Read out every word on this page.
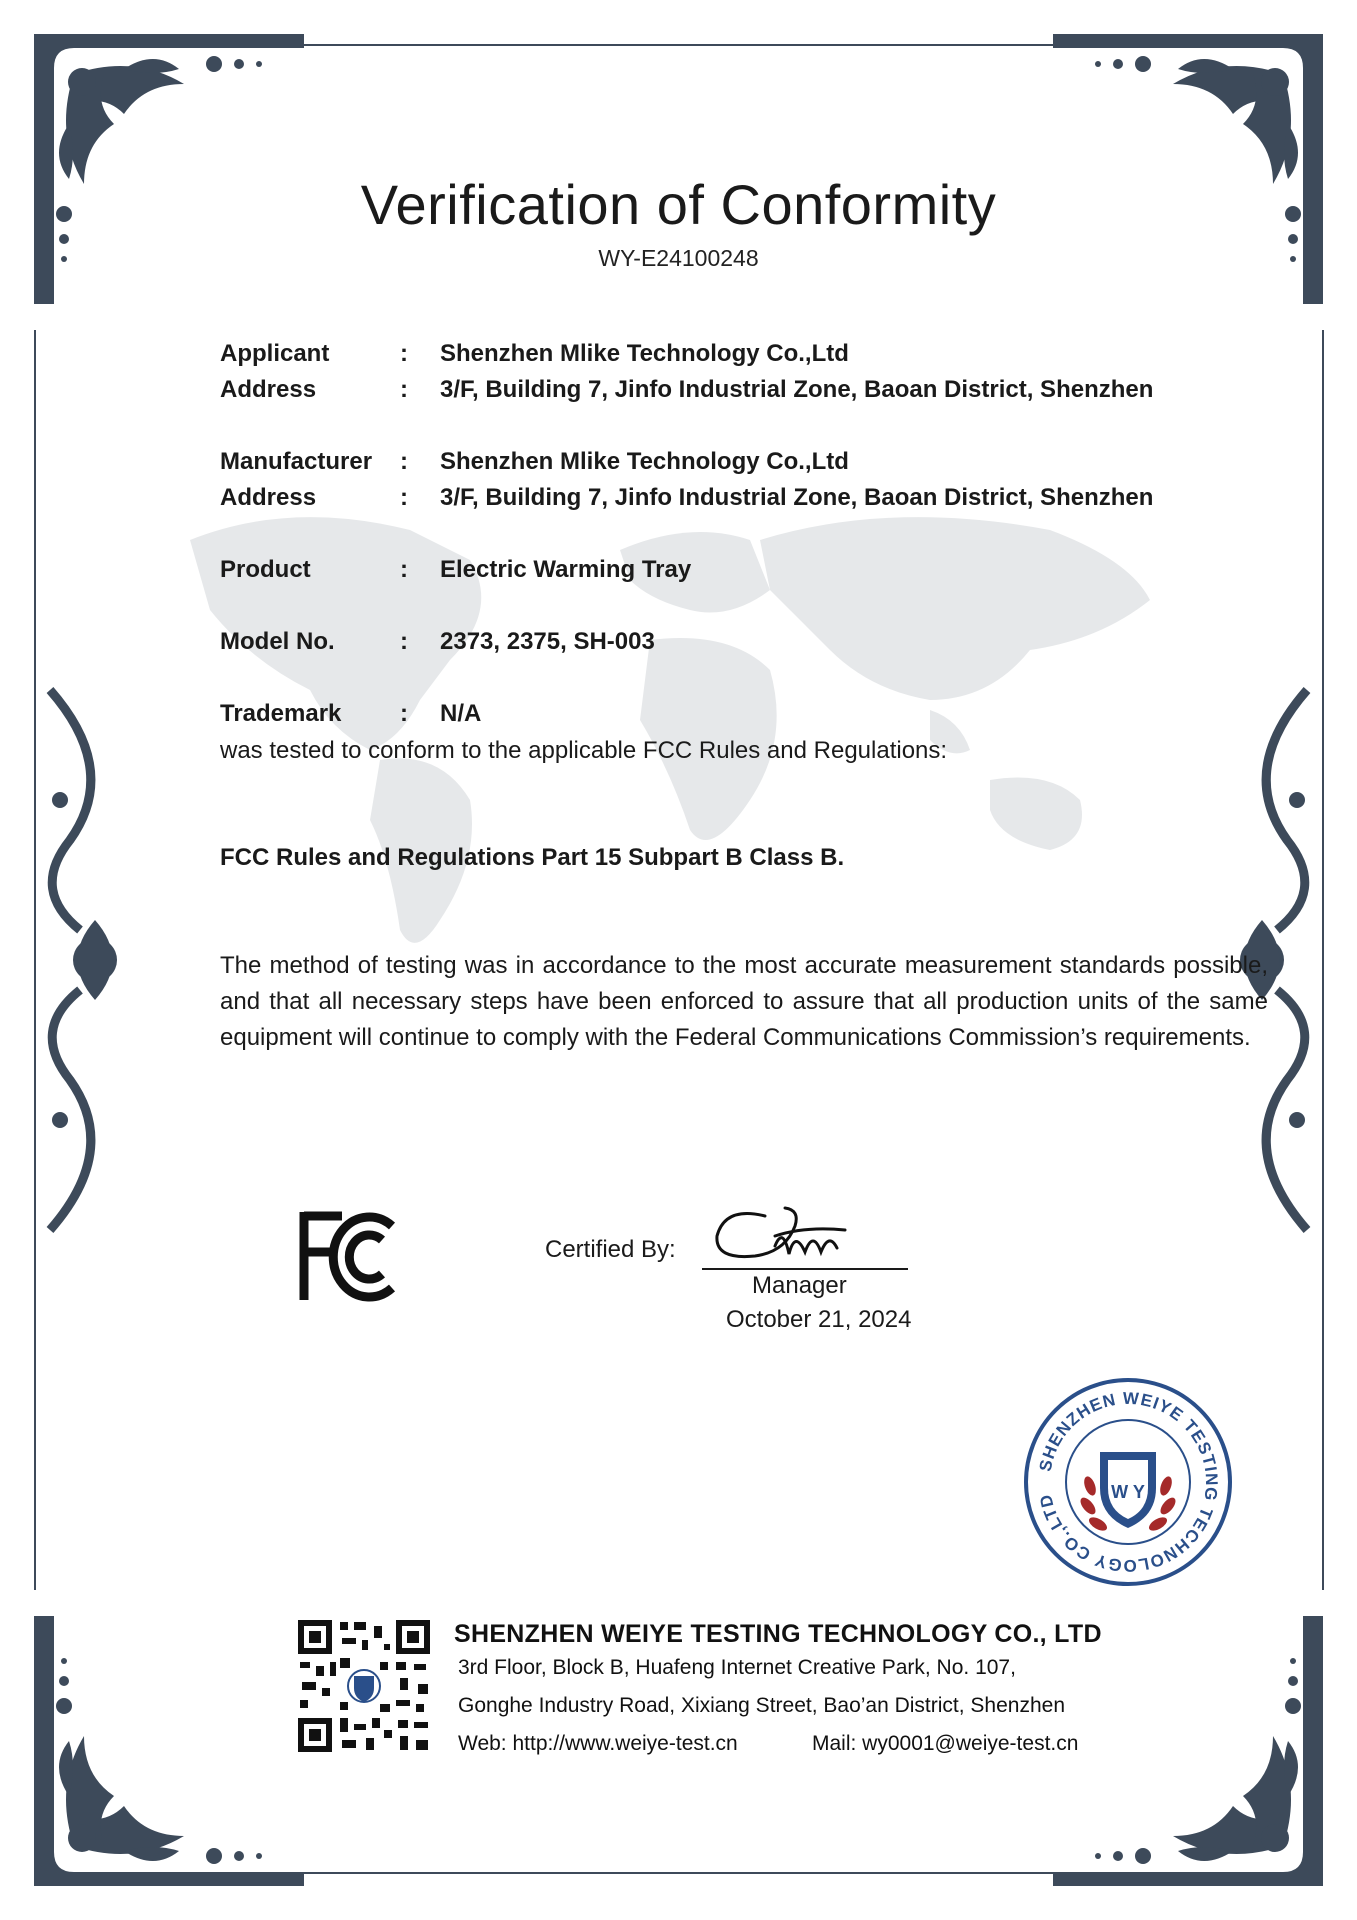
Verification of Conformity
WY-E24100248
Applicant	:	Shenzhen Mlike Technology Co.,Ltd
Address	:	3/F, Building 7, Jinfo Industrial Zone, Baoan District, Shenzhen
Manufacturer	:	Shenzhen Mlike Technology Co.,Ltd
Address	:	3/F, Building 7, Jinfo Industrial Zone, Baoan District, Shenzhen
Product	:	Electric Warming Tray
Model No.	:	2373, 2375, SH-003
Trademark	:	N/A
was tested to conform to the applicable FCC Rules and Regulations:
FCC Rules and Regulations Part 15 Subpart B Class B.
The method of testing was in accordance to the most accurate measurement standards possible, and that all necessary steps have been enforced to assure that all production units of the same equipment will continue to comply with the Federal Communications Commission’s requirements.
FCC
Certified By:
Manager
October 21, 2024
SHENZHEN WEIYE TESTING TECHNOLOGY CO.,LTD	W Y
SHENZHEN WEIYE TESTING TECHNOLOGY CO., LTD
3rd Floor, Block B, Huafeng Internet Creative Park, No. 107,
Gonghe Industry Road, Xixiang Street, Bao’an District, Shenzhen
Web: http://www.weiye-test.cn	Mail: wy0001@weiye-test.cn
